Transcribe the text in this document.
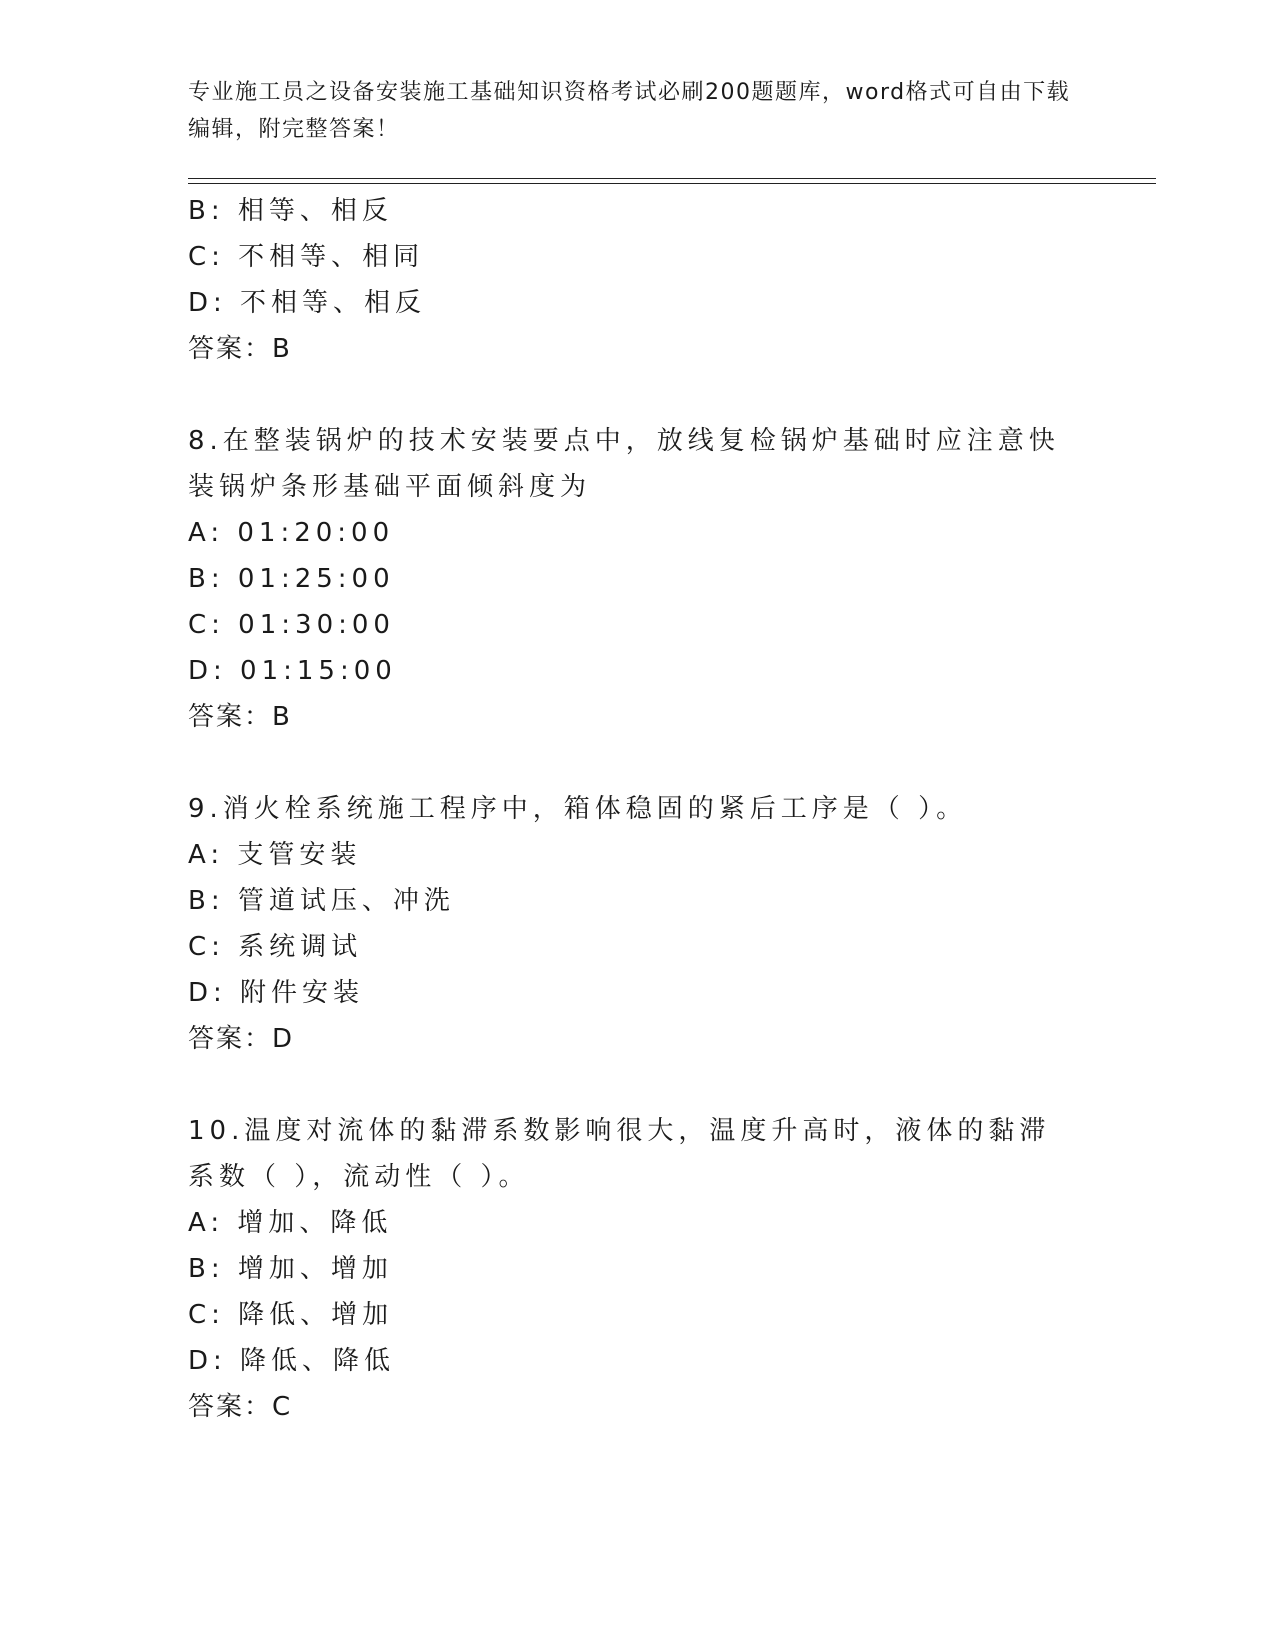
专业施工员之设备安装施工基础知识资格考试必刷200题题库，word格式可自由下载编辑，附完整答案！
B: 相等、相反
C: 不相等、相同
D: 不相等、相反
答案：B
8.在整装锅炉的技术安装要点中，放线复检锅炉基础时应注意快装锅炉条形基础平面倾斜度为
A: 01:20:00
B: 01:25:00
C: 01:30:00
D: 01:15:00
答案：B
9.消火栓系统施工程序中，箱体稳固的紧后工序是（ ）。
A: 支管安装
B: 管道试压、冲洗
C: 系统调试
D: 附件安装
答案：D
10.温度对流体的黏滞系数影响很大，温度升高时，液体的黏滞系数（ ），流动性（ ）。
A: 增加、降低
B: 增加、增加
C: 降低、增加
D: 降低、降低
答案：C
